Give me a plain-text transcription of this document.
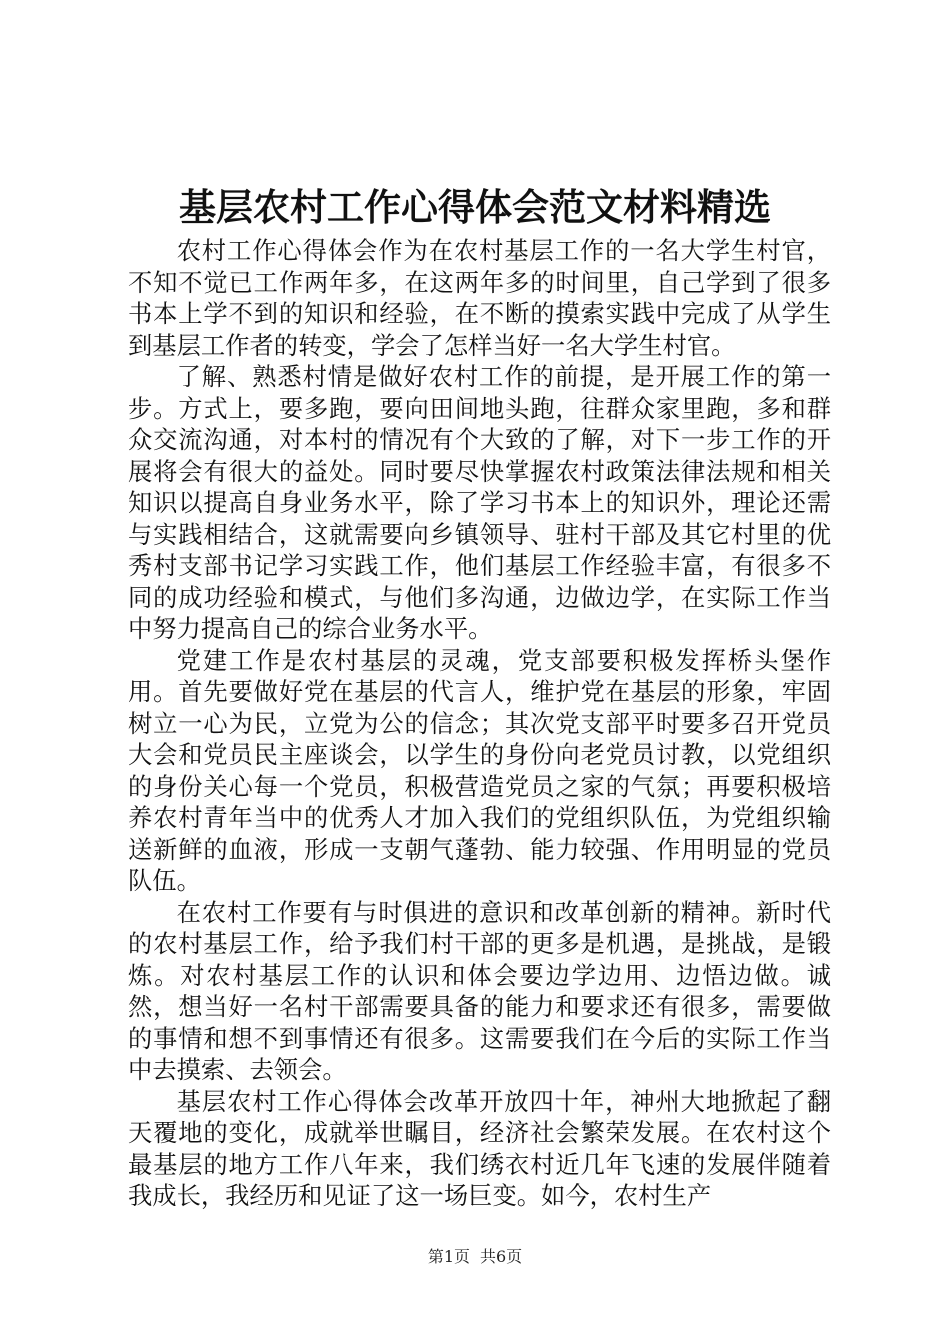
基层农村工作心得体会范文材料精选

农村工作心得体会作为在农村基层工作的一名大学生村官，不知不觉已工作两年多，在这两年多的时间里，自己学到了很多书本上学不到的知识和经验，在不断的摸索实践中完成了从学生到基层工作者的转变，学会了怎样当好一名大学生村官。

了解、熟悉村情是做好农村工作的前提，是开展工作的第一步。方式上，要多跑，要向田间地头跑，往群众家里跑，多和群众交流沟通，对本村的情况有个大致的了解，对下一步工作的开展将会有很大的益处。同时要尽快掌握农村政策法律法规和相关知识以提高自身业务水平，除了学习书本上的知识外，理论还需与实践相结合，这就需要向乡镇领导、驻村干部及其它村里的优秀村支部书记学习实践工作，他们基层工作经验丰富，有很多不同的成功经验和模式，与他们多沟通，边做边学，在实际工作当中努力提高自己的综合业务水平。

党建工作是农村基层的灵魂，党支部要积极发挥桥头堡作用。首先要做好党在基层的代言人，维护党在基层的形象，牢固树立一心为民，立党为公的信念；其次党支部平时要多召开党员大会和党员民主座谈会，以学生的身份向老党员讨教，以党组织的身份关心每一个党员，积极营造党员之家的气氛；再要积极培养农村青年当中的优秀人才加入我们的党组织队伍，为党组织输送新鲜的血液，形成一支朝气蓬勃、能力较强、作用明显的党员队伍。

在农村工作要有与时俱进的意识和改革创新的精神。新时代的农村基层工作，给予我们村干部的更多是机遇，是挑战，是锻炼。对农村基层工作的认识和体会要边学边用、边悟边做。诚然，想当好一名村干部需要具备的能力和要求还有很多，需要做的事情和想不到事情还有很多。这需要我们在今后的实际工作当中去摸索、去领会。

基层农村工作心得体会改革开放四十年，神州大地掀起了翻天覆地的变化，成就举世瞩目，经济社会繁荣发展。在农村这个最基层的地方工作八年来，我们绣衣村近几年飞速的发展伴随着我成长，我经历和见证了这一场巨变。如今，农村生产

第1页 共6页
